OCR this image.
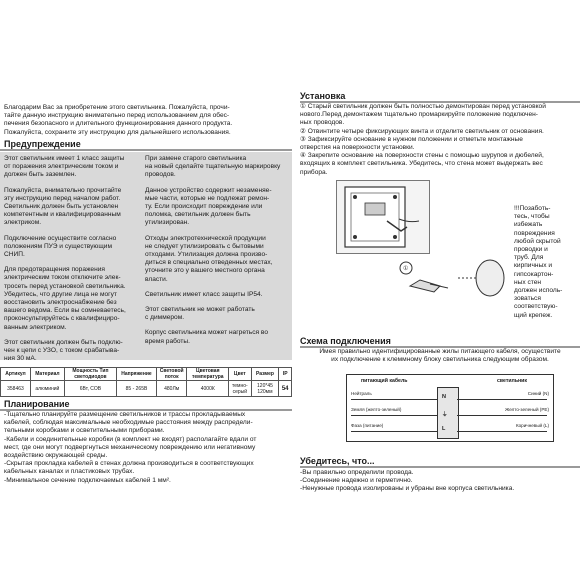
Благодарим Вас за приобретение этого светильника. Пожалуйста, прочи-
тайте данную инструкцию внимательно перед использованием для обес-
печения безопасного и длительного функционирования данного продукта.
Пожалуйста, сохраните эту инструкцию для дальнейшего использования.
Предупреждение
Этот светильник имеет 1 класс защиты
от поражения электрическим током и
должен быть заземлен.
Пожалуйста, внимательно прочитайте
эту инструкцию перед началом работ.
Светильник должен быть установлен
компетентным и квалифицированным
электриком.
Подключение осуществите согласно
положениям ПУЭ и существующим
СНИП.
Для предотвращения поражения
электрическим током отключите элек-
тросеть перед установкой светильника.
Убедитесь, что другие лица не могут
восстановить электроснабжение без
вашего ведома. Если вы сомневаетесь,
проконсультируйтесь с квалифициро-
ванным электриком.
Этот светильник должен быть подклю-
чен к цепи с УЗО, с током срабатыва-
ния 30 мА.
При замене старого светильника
на новый сделайте тщательную маркировку
проводов.
Данное устройство содержит незаменяе-
мые части, которые не подлежат ремон-
ту. Если происходит повреждение или
поломка, светильник должен быть
утилизирован.
Отходы электротехнической продукции
не следует утилизировать с бытовыми
отходами. Утилизация должна произво-
диться в специально отведенных местах,
уточните это у вашего местного органа
власти.
Светильник имеет класс защиты IP54.
Этот светильник не может работать
с диммером.
Корпус светильника может нагреться во
время работы.
Артикул	Материал	Мощность Тип светодиодов	Напряжение	Световой поток	Цветовая температура	Цвет	Размер	IP
358463	алюминий	6Вт, COB	85 - 265В	480Лм	4000К	темно-серый	120*45 120мм	54
Планирование
-Тщательно планируйте размещение светильников и трассы прокладываемых
кабелей, соблюдая максимальные необходимые расстояния между распредели-
тельными коробками и осветительными приборами.
-Кабели и соединительные коробки (в комплект не входят) располагайте вдали от
мест, где они могут подвергнуться механическому повреждению или негативному
воздействию окружающей среды.
-Скрытая прокладка кабелей в стенах должна производиться в соответствующих
кабельных каналах и пластиковых трубах.
-Минимальное сечение подключаемых кабелей 1 мм².
Установка
① Старый светильник должен быть полностью демонтирован перед установкой
нового.Перед демонтажем тщательно промаркируйте положение подключен-
ных проводов.
② Отвинтите четыре фиксирующих винта и отделите светильник от основания.
③ Зафиксируйте основание в нужном положении и отметьте монтажные
отверстия на поверхности установки.
④ Закрепите основание на поверхности стены с помощью шурупов и дюбелей,
входящих в комплект светильника. Убедитесь, что стена может выдержать вес
прибора.
①
!!!Позаботь-
тесь, чтобы
избежать
повреждения
любой скрытой
проводки и
труб. Для
кирпичных и
гипсокартон-
ных стен
должен исполь-
зоваться
соответствую-
щий крепеж.
Схема подключения
Имея правильно идентифицированные жилы питающего кабеля, осуществите
их подключение к клеммному блоку светильника следующим образом.
питающий кабель	светильник
Нейтраль
N
Синий (N)
Земля (желто-зеленый)
⏚
Желто-зеленый (PE)
Фаза (питание)
L
Коричневый (L)
Убедитесь, что...
-Вы правильно определили провода.
-Соединение надежно и герметично.
-Ненужные провода изолированы и убраны вне корпуса светильника.
